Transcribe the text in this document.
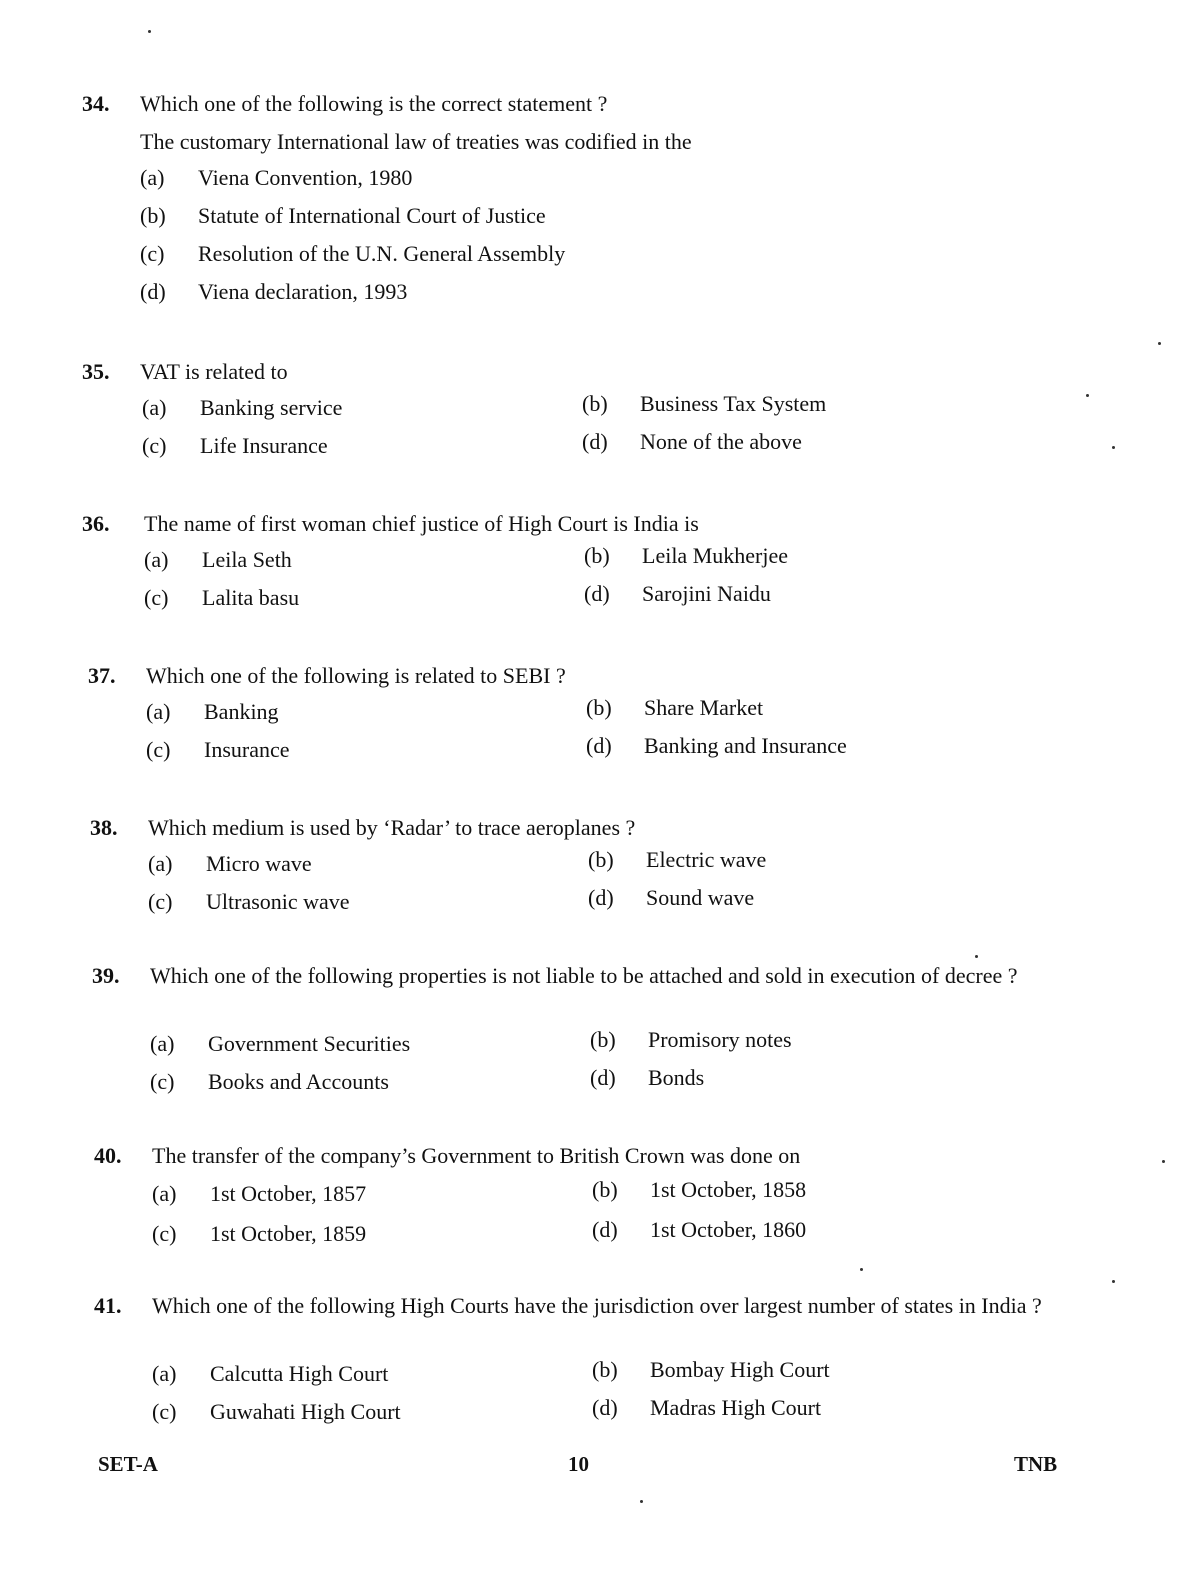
34.	Which one of the following is the correct statement ?
The customary International law of treaties was codified in the
(a) Viena Convention, 1980
(b) Statute of International Court of Justice
(c) Resolution of the U.N. General Assembly
(d) Viena declaration, 1993
35.	VAT is related to
(a) Banking service	(b) Business Tax System
(c) Life Insurance	(d) None of the above
36.	The name of first woman chief justice of High Court is India is
(a) Leila Seth	(b) Leila Mukherjee
(c) Lalita basu	(d) Sarojini Naidu
37.	Which one of the following is related to SEBI ?
(a) Banking	(b) Share Market
(c) Insurance	(d) Banking and Insurance
38.	Which medium is used by ‘Radar’ to trace aeroplanes ?
(a) Micro wave	(b) Electric wave
(c) Ultrasonic wave	(d) Sound wave
39.	Which one of the following properties is not liable to be attached and sold in execution of decree ?
(a) Government Securities	(b) Promisory notes
(c) Books and Accounts	(d) Bonds
40.	The transfer of the company’s Government to British Crown was done on
(a) 1st October, 1857	(b) 1st October, 1858
(c) 1st October, 1859	(d) 1st October, 1860
41.	Which one of the following High Courts have the jurisdiction over largest number of states in India ?
(a) Calcutta High Court	(b) Bombay High Court
(c) Guwahati High Court	(d) Madras High Court
SET-A	10	TNB
